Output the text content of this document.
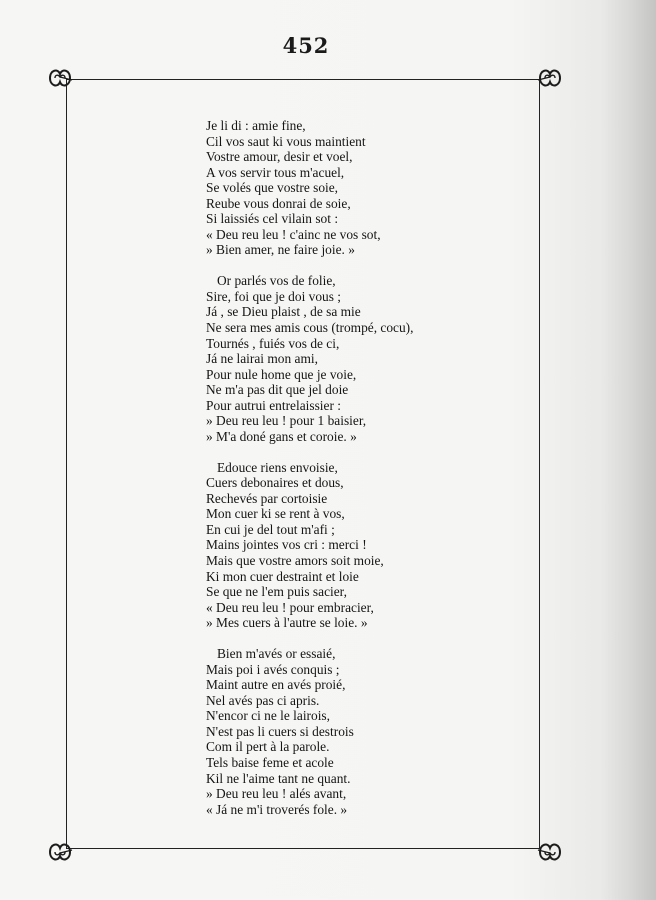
452
Je li di : amie fine,
Cil vos saut ki vous maintient
Vostre amour, desir et voel,
A vos servir tous m'acuel,
Se volés que vostre soie,
Reube vous donrai de soie,
Si laissiés cel vilain sot :
« Deu reu leu ! c'ainc ne vos sot,
» Bien amer, ne faire joie. »
Or parlés vos de folie,
Sire, foi que je doi vous ;
Já , se Dieu plaist , de sa mie
Ne sera mes amis cous (trompé, cocu),
Tournés , fuiés vos de ci,
Já ne lairai mon ami,
Pour nule home que je voie,
Ne m'a pas dit que jel doie
Pour autrui entrelaissier :
» Deu reu leu ! pour 1 baisier,
» M'a doné gans et coroie. »
Edouce riens envoisie,
Cuers debonaires et dous,
Rechevés par cortoisie
Mon cuer ki se rent à vos,
En cui je del tout m'afi ;
Mains jointes vos cri : merci !
Mais que vostre amors soit moie,
Ki mon cuer destraint et loie
Se que ne l'em puis sacier,
« Deu reu leu ! pour embracier,
» Mes cuers à l'autre se loie. »
Bien m'avés or essaié,
Mais poi i avés conquis ;
Maint autre en avés proié,
Nel avés pas ci apris.
N'encor ci ne le lairois,
N'est pas li cuers si destrois
Com il pert à la parole.
Tels baise feme et acole
Kil ne l'aime tant ne quant.
» Deu reu leu ! alés avant,
« Já ne m'i troverés fole. »
